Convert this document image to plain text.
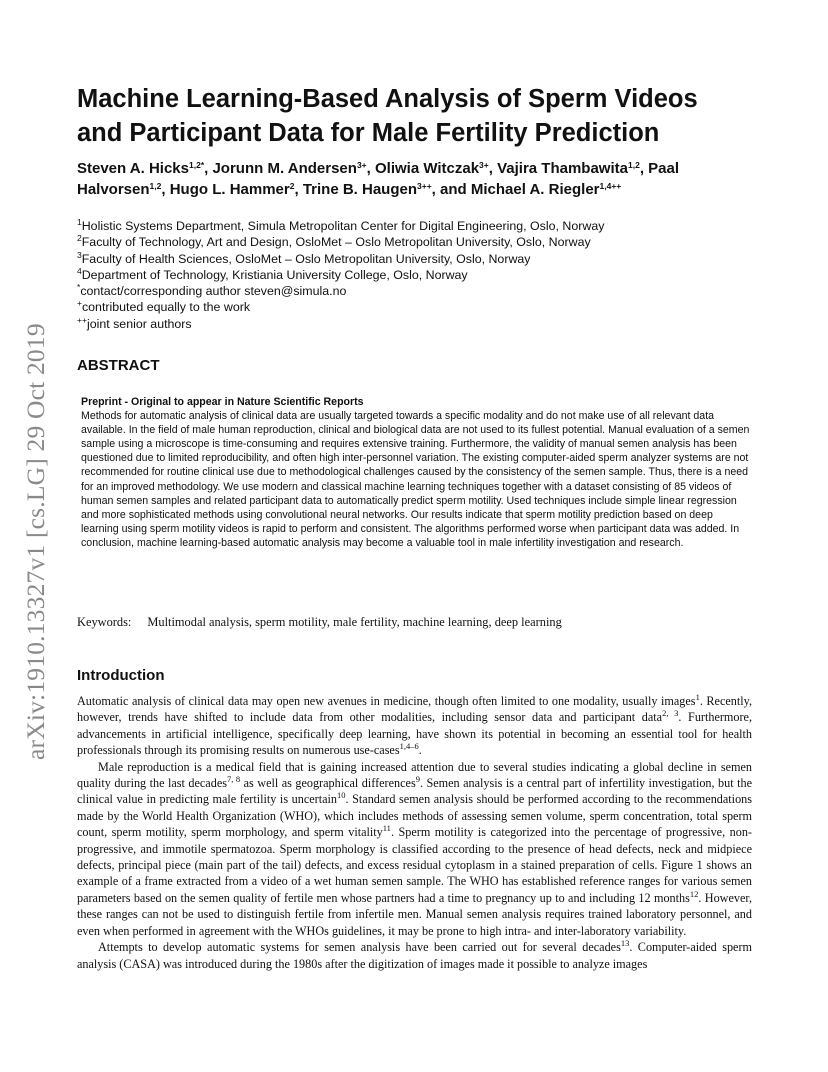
arXiv:1910.13327v1 [cs.LG] 29 Oct 2019
Machine Learning-Based Analysis of Sperm Videos
and Participant Data for Male Fertility Prediction
Steven A. Hicks$^{1,2*}$, Jorunn M. Andersen$^{3+}$, Oliwia Witczak$^{3+}$, Vajira Thambawita$^{1,2}$, Paal Halvorsen$^{1,2}$, Hugo L. Hammer$^2$, Trine B. Haugen$^{3++}$, and Michael A. Riegler$^{1,4++}$
$^1$Holistic Systems Department, Simula Metropolitan Center for Digital Engineering, Oslo, Norway
$^2$Faculty of Technology, Art and Design, OsloMet – Oslo Metropolitan University, Oslo, Norway
$^3$Faculty of Health Sciences, OsloMet – Oslo Metropolitan University, Oslo, Norway
$^4$Department of Technology, Kristiania University College, Oslo, Norway
*contact/corresponding author steven@simula.no
+contributed equally to the work
++joint senior authors
ABSTRACT
Preprint - Original to appear in Nature Scientific Reports
Methods for automatic analysis of clinical data are usually targeted towards a specific modality and do not make use of all relevant data available. In the field of male human reproduction, clinical and biological data are not used to its fullest potential. Manual evaluation of a semen sample using a microscope is time-consuming and requires extensive training. Furthermore, the validity of manual semen analysis has been questioned due to limited reproducibility, and often high inter-personnel variation. The existing computer-aided sperm analyzer systems are not recommended for routine clinical use due to methodological challenges caused by the consistency of the semen sample. Thus, there is a need for an improved methodology. We use modern and classical machine learning techniques together with a dataset consisting of 85 videos of human semen samples and related participant data to automatically predict sperm motility. Used techniques include simple linear regression and more sophisticated methods using convolutional neural networks. Our results indicate that sperm motility prediction based on deep learning using sperm motility videos is rapid to perform and consistent. The algorithms performed worse when participant data was added. In conclusion, machine learning-based automatic analysis may become a valuable tool in male infertility investigation and research.
Keywords: Multimodal analysis, sperm motility, male fertility, machine learning, deep learning
Introduction

Automatic analysis of clinical data may open new avenues in medicine, though often limited to one modality, usually images$^1$. Recently, however, trends have shifted to include data from other modalities, including sensor data and participant data$^{2, 3}$. Furthermore, advancements in artificial intelligence, specifically deep learning, have shown its potential in becoming an essential tool for health professionals through its promising results on numerous use-cases$^{1,4-6}$.

Male reproduction is a medical field that is gaining increased attention due to several studies indicating a global decline in semen quality during the last decades$^{7, 8}$ as well as geographical differences$^9$. Semen analysis is a central part of infertility investigation, but the clinical value in predicting male fertility is uncertain$^{10}$. Standard semen analysis should be performed according to the recommendations made by the World Health Organization (WHO), which includes methods of assessing semen volume, sperm concentration, total sperm count, sperm motility, sperm morphology, and sperm vitality$^{11}$. Sperm motility is categorized into the percentage of progressive, non-progressive, and immotile spermatozoa. Sperm morphology is classified according to the presence of head defects, neck and midpiece defects, principal piece (main part of the tail) defects, and excess residual cytoplasm in a stained preparation of cells. Figure 1 shows an example of a frame extracted from a video of a wet human semen sample. The WHO has established reference ranges for various semen parameters based on the semen quality of fertile men whose partners had a time to pregnancy up to and including 12 months$^{12}$. However, these ranges can not be used to distinguish fertile from infertile men. Manual semen analysis requires trained laboratory personnel, and even when performed in agreement with the WHOs guidelines, it may be prone to high intra- and inter-laboratory variability.

Attempts to develop automatic systems for semen analysis have been carried out for several decades$^{13}$. Computer-aided sperm analysis (CASA) was introduced during the 1980s after the digitization of images made it possible to analyze images
